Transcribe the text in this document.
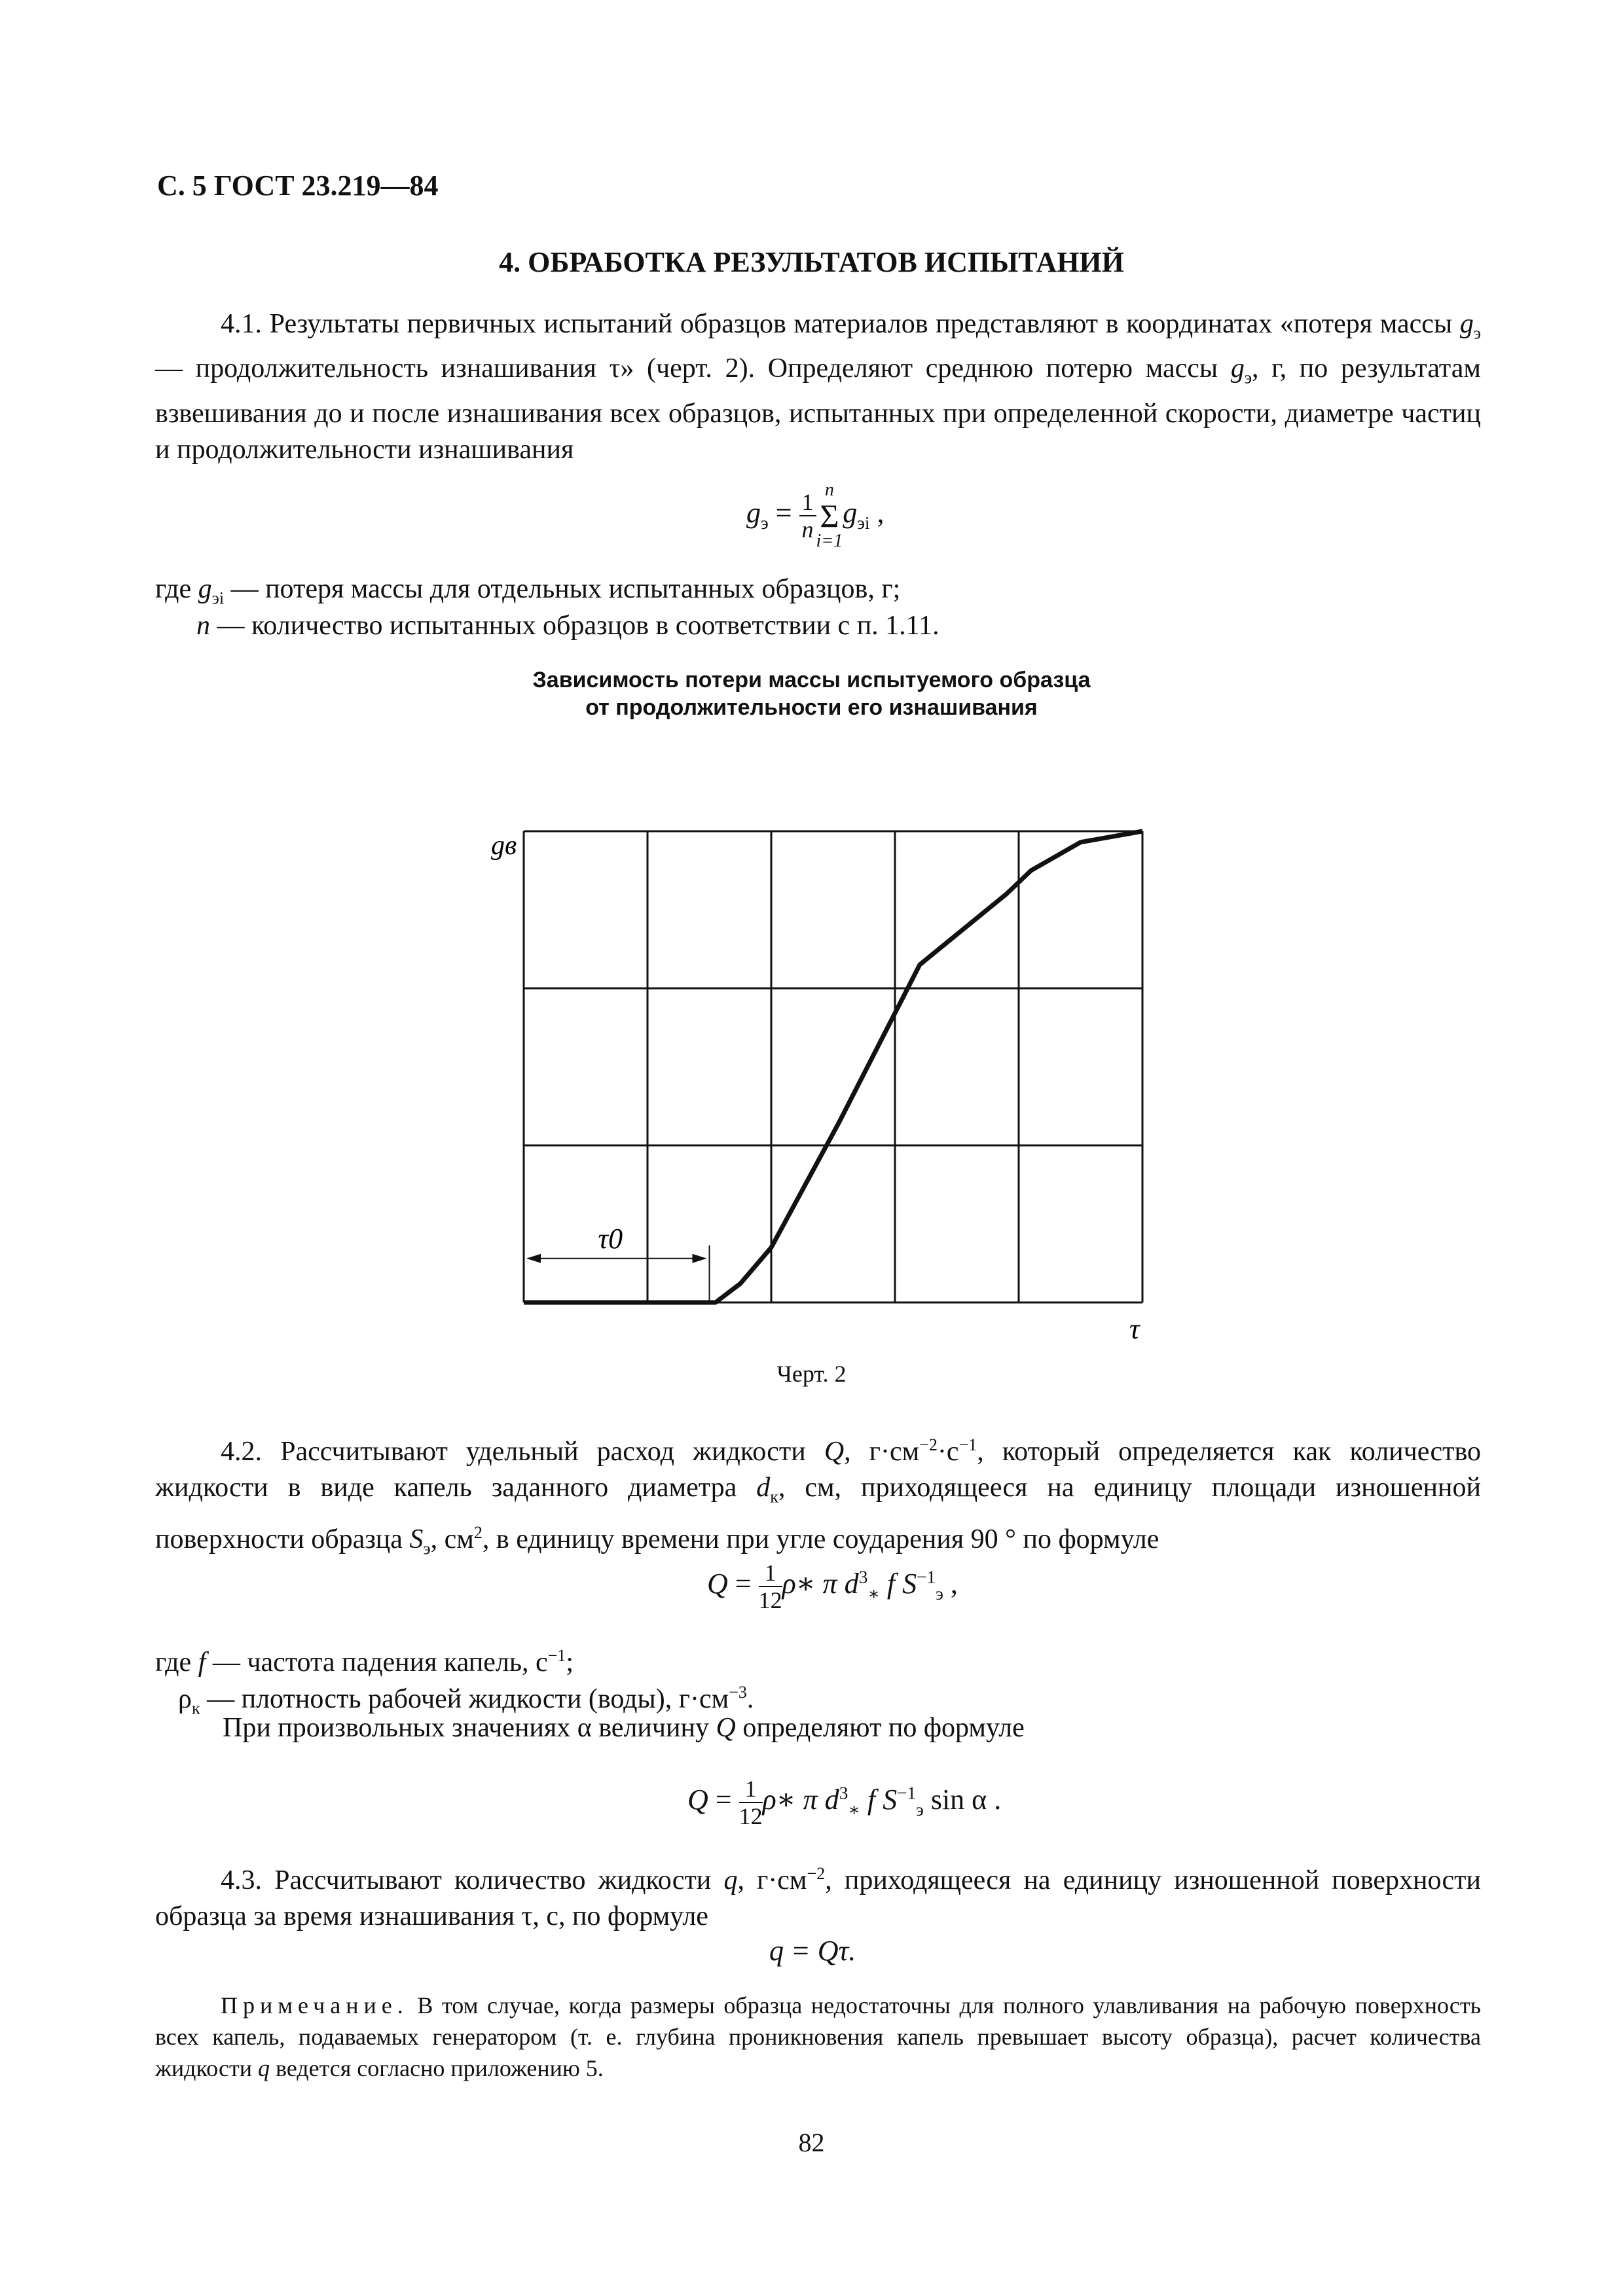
С. 5 ГОСТ 23.219—84
4. ОБРАБОТКА РЕЗУЛЬТАТОВ ИСПЫТАНИЙ
4.1. Результаты первичных испытаний образцов материалов представляют в координатах «потеря массы $g_э$ — продолжительность изнашивания τ» (черт. 2). Определяют среднюю потерю массы $g_э$, г, по результатам взвешивания до и после изнашивания всех образцов, испытанных при определенной скорости, диаметре частиц и продолжительности изнашивания
$g_э = \frac{1}{n}$
n
Σ
i=1
$g_{эi}$ ,
где $g_{эi}$ — потеря массы для отдельных испытанных образцов, г;
n — количество испытанных образцов в соответствии с п. 1.11.
Зависимость потери массы испытуемого образца
от продолжительности его изнашивания
τ0
gв
τ
Черт. 2
4.2. Рассчитывают удельный расход жидкости Q, $г\cdot см^{-2}\cdot с^{-1}$, который определяется как количество жидкости в виде капель заданного диаметра $d_к$, см, приходящееся на единицу площади изношенной поверхности образца $S_э$, $см^2$, в единицу времени при угле соударения 90 ° по формуле
$Q = \frac{1}{12}$ ρ∗ π $d^3_∗$ f $S^{-1}_э$ ,
где f — частота падения капель, $с^{-1}$;
$\rho_к$ — плотность рабочей жидкости (воды), $г\cdot см^{-3}$.
При произвольных значениях α величину Q определяют по формуле
$Q = \frac{1}{12}$ ρ∗ π $d^3_∗$ f $S^{-1}_э$ sin α .
4.3. Рассчитывают количество жидкости q, $г\cdot см^{-2}$, приходящееся на единицу изношенной поверхности образца за время изнашивания τ, с, по формуле
q = Qτ.
Примечание. В том случае, когда размеры образца недостаточны для полного улавливания на рабочую поверхность всех капель, подаваемых генератором (т. е. глубина проникновения капель превышает высоту образца), расчет количества жидкости q ведется согласно приложению 5.
82
